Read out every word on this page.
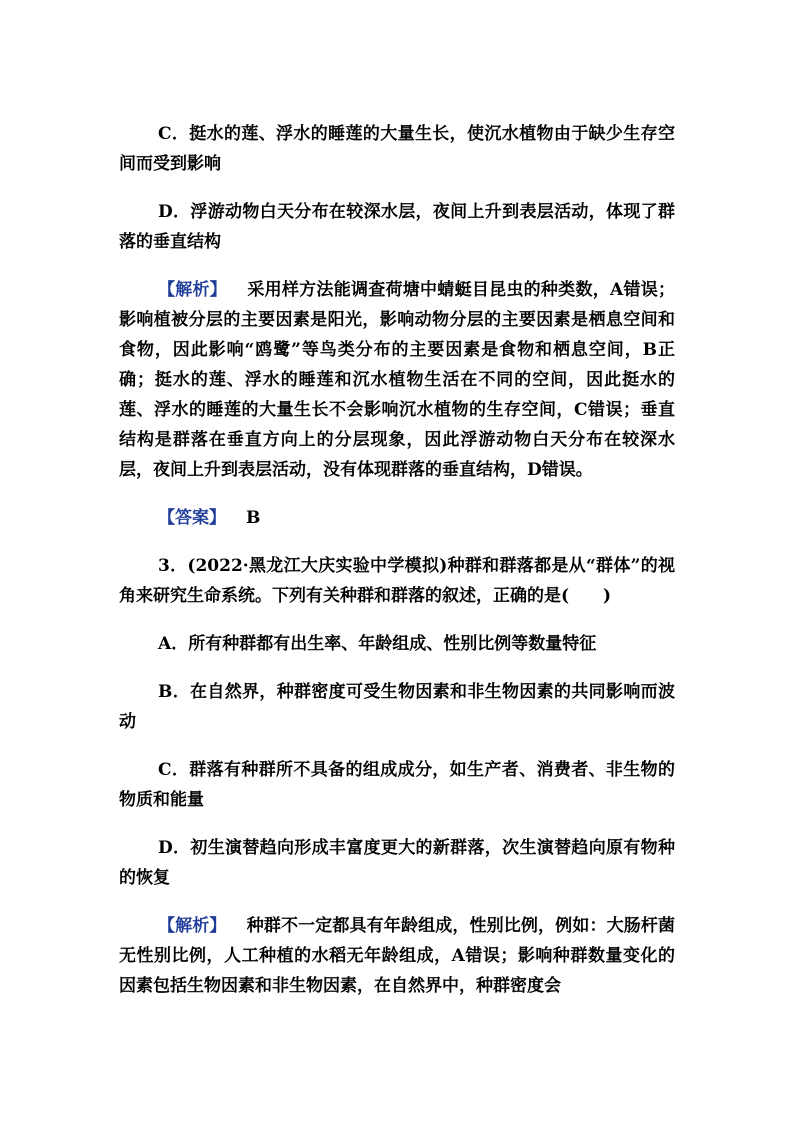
C．挺水的莲、浮水的睡莲的大量生长，使沉水植物由于缺少生存空间而受到影响

D．浮游动物白天分布在较深水层，夜间上升到表层活动，体现了群落的垂直结构

【解析】 采用样方法能调查荷塘中蜻蜓目昆虫的种类数，A错误；影响植被分层的主要因素是阳光，影响动物分层的主要因素是栖息空间和食物，因此影响“鸥鹭”等鸟类分布的主要因素是食物和栖息空间，B正确；挺水的莲、浮水的睡莲和沉水植物生活在不同的空间，因此挺水的莲、浮水的睡莲的大量生长不会影响沉水植物的生存空间，C错误；垂直结构是群落在垂直方向上的分层现象，因此浮游动物白天分布在较深水层，夜间上升到表层活动，没有体现群落的垂直结构，D错误。

【答案】 B

3．(2022·黑龙江大庆实验中学模拟)种群和群落都是从“群体”的视角来研究生命系统。下列有关种群和群落的叙述，正确的是(　　)

A．所有种群都有出生率、年龄组成、性别比例等数量特征

B．在自然界，种群密度可受生物因素和非生物因素的共同影响而波动

C．群落有种群所不具备的组成成分，如生产者、消费者、非生物的物质和能量

D．初生演替趋向形成丰富度更大的新群落，次生演替趋向原有物种的恢复

【解析】 种群不一定都具有年龄组成，性别比例，例如：大肠杆菌无性别比例，人工种植的水稻无年龄组成，A错误；影响种群数量变化的因素包括生物因素和非生物因素，在自然界中，种群密度会
